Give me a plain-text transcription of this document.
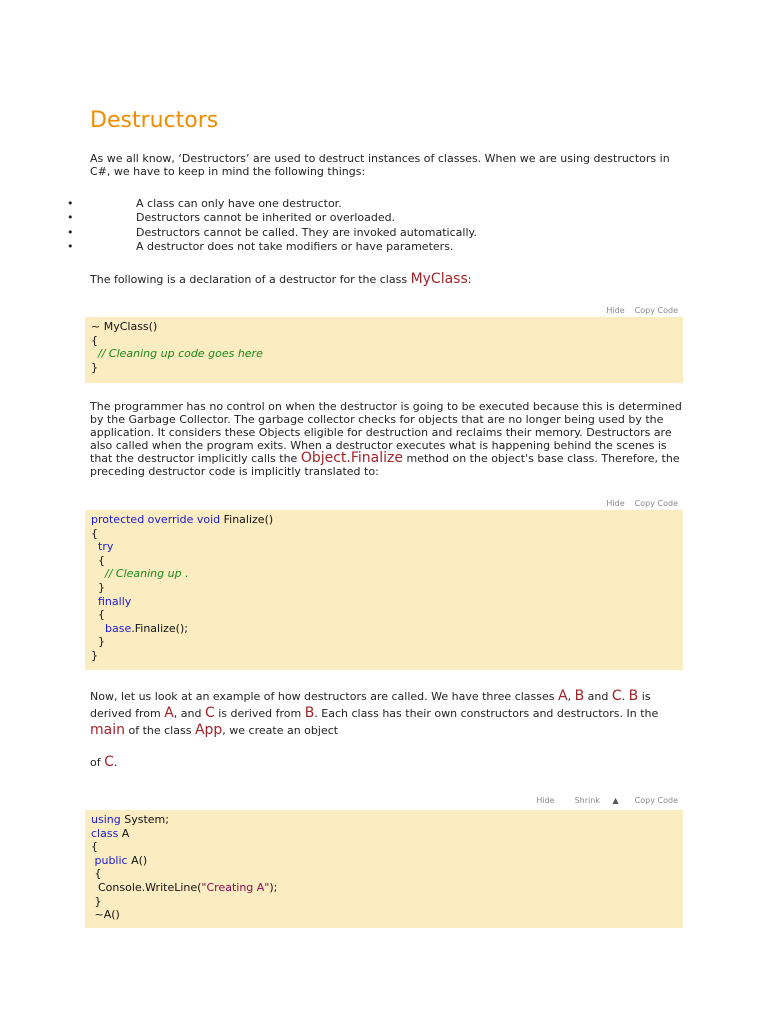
Destructors
As we all know, ‘Destructors’ are used to destruct instances of classes. When we are using destructors in C#, we have to keep in mind the following things:
• A class can only have one destructor.
• Destructors cannot be inherited or overloaded.
• Destructors cannot be called. They are invoked automatically.
• A destructor does not take modifiers or have parameters.
The following is a declaration of a destructor for the class MyClass:
Hide Copy Code
~ MyClass()
{
// Cleaning up code goes here
}
The programmer has no control on when the destructor is going to be executed because this is determined by the Garbage Collector. The garbage collector checks for objects that are no longer being used by the application. It considers these Objects eligible for destruction and reclaims their memory. Destructors are also called when the program exits. When a destructor executes what is happening behind the scenes is that the destructor implicitly calls the Object.Finalize method on the object's base class. Therefore, the preceding destructor code is implicitly translated to:
Hide Copy Code
protected override void Finalize()
{
try
{
// Cleaning up .
}
finally
{
base.Finalize();
}
}
Now, let us look at an example of how destructors are called. We have three classes A, B and C. B is derived from A, and C is derived from B. Each class has their own constructors and destructors. In the main of the class App, we create an object
of C.
Hide	Shrink ▲ Copy Code
using System;
class A
{
public A()
{
Console.WriteLine("Creating A");
}
~A()
